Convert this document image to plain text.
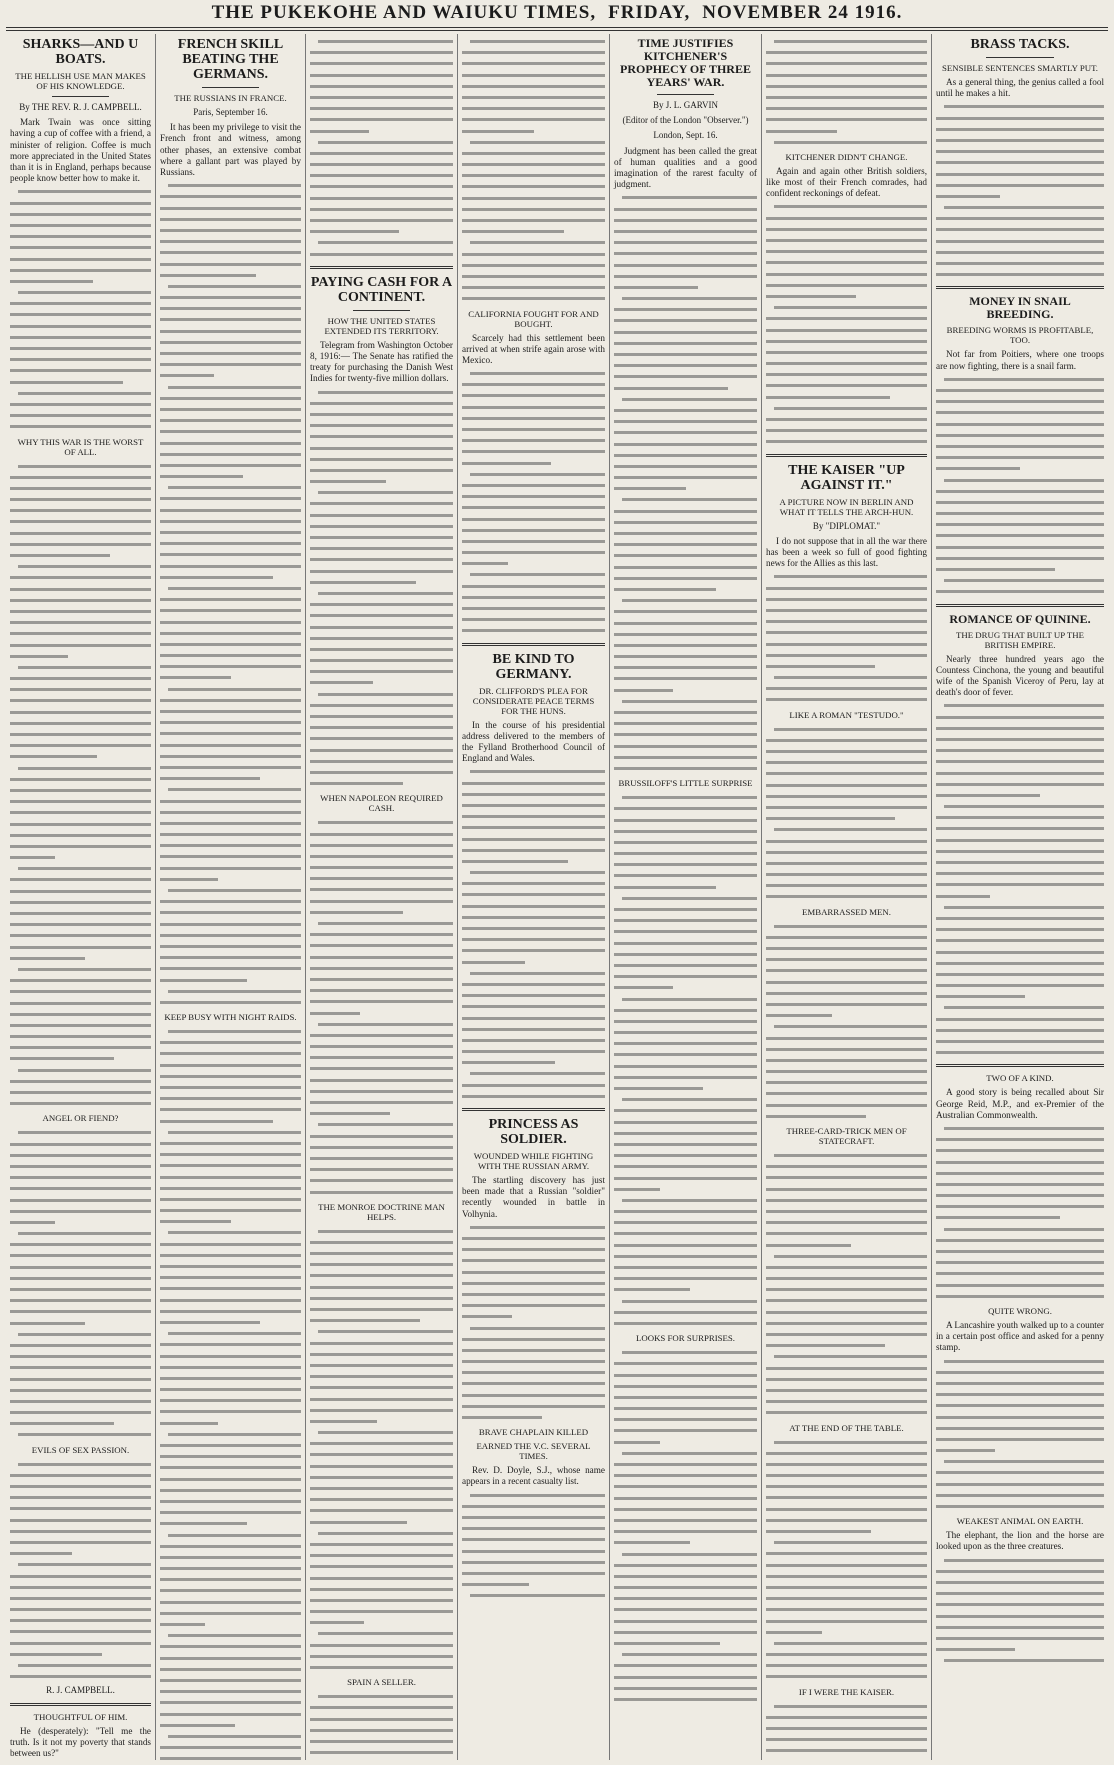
THE PUKEKOHE AND WAIUKU TIMES, FRIDAY, NOVEMBER 24 1916.
SHARKS—AND U BOATS.
THE HELLISH USE MAN MAKES OF HIS KNOWLEDGE.
By THE REV. R. J. CAMPBELL.

Mark Twain was once sitting having a cup of coffee with a friend, a minister of religion. Coffee is much more appreciated in the United States than it is in England, perhaps because people know better how to make it.

WHY THIS WAR IS THE WORST OF ALL.
ANGEL OR FIEND?
EVILS OF SEX PASSION.
R. J. CAMPBELL.
THOUGHTFUL OF HIM.

He (desperately): "Tell me the truth. Is it not my poverty that stands between us?"

FRENCH SKILL BEATING THE GERMANS.
THE RUSSIANS IN FRANCE.
Paris, September 16.

It has been my privilege to visit the French front and witness, among other phases, an extensive combat where a gallant part was played by Russians.

KEEP BUSY WITH NIGHT RAIDS.
PAYING CASH FOR A CONTINENT.
HOW THE UNITED STATES EXTENDED ITS TERRITORY.

Telegram from Washington October 8, 1916:— The Senate has ratified the treaty for purchasing the Danish West Indies for twenty-five million dollars.

WHEN NAPOLEON REQUIRED CASH.
THE MONROE DOCTRINE MAN HELPS.
SPAIN A SELLER.
CALIFORNIA FOUGHT FOR AND BOUGHT.

Scarcely had this settlement been arrived at when strife again arose with Mexico.

BE KIND TO GERMANY.
DR. CLIFFORD'S PLEA FOR CONSIDERATE PEACE TERMS FOR THE HUNS.

In the course of his presidential address delivered to the members of the Fylland Brotherhood Council of England and Wales.

PRINCESS AS SOLDIER.
WOUNDED WHILE FIGHTING WITH THE RUSSIAN ARMY.

The startling discovery has just been made that a Russian "soldier" recently wounded in battle in Volhynia.

BRAVE CHAPLAIN KILLED
EARNED THE V.C. SEVERAL TIMES.

Rev. D. Doyle, S.J., whose name appears in a recent casualty list.

TIME JUSTIFIES KITCHENER'S PROPHECY OF THREE YEARS' WAR.
By J. L. GARVIN
(Editor of the London "Observer.")
London, Sept. 16.

Judgment has been called the great of human qualities and a good imagination of the rarest faculty of judgment.

BRUSSILOFF'S LITTLE SURPRISE
LOOKS FOR SURPRISES.
KITCHENER DIDN'T CHANGE.

Again and again other British soldiers, like most of their French comrades, had confident reckonings of defeat.

THE KAISER "UP AGAINST IT."
A PICTURE NOW IN BERLIN AND WHAT IT TELLS THE ARCH-HUN.
By "DIPLOMAT."

I do not suppose that in all the war there has been a week so full of good fighting news for the Allies as this last.

LIKE A ROMAN "TESTUDO."
EMBARRASSED MEN.
THREE-CARD-TRICK MEN OF STATECRAFT.
AT THE END OF THE TABLE.
IF I WERE THE KAISER.
BRASS TACKS.
SENSIBLE SENTENCES SMARTLY PUT.

As a general thing, the genius called a fool until he makes a hit.

MONEY IN SNAIL BREEDING.
BREEDING WORMS IS PROFITABLE, TOO.

Not far from Poitiers, where one troops are now fighting, there is a snail farm.

ROMANCE OF QUININE.
THE DRUG THAT BUILT UP THE BRITISH EMPIRE.

Nearly three hundred years ago the Countess Cinchona, the young and beautiful wife of the Spanish Viceroy of Peru, lay at death's door of fever.

TWO OF A KIND.

A good story is being recalled about Sir George Reid, M.P., and ex-Premier of the Australian Commonwealth.

QUITE WRONG.

A Lancashire youth walked up to a counter in a certain post office and asked for a penny stamp.

WEAKEST ANIMAL ON EARTH.

The elephant, the lion and the horse are looked upon as the three creatures.
